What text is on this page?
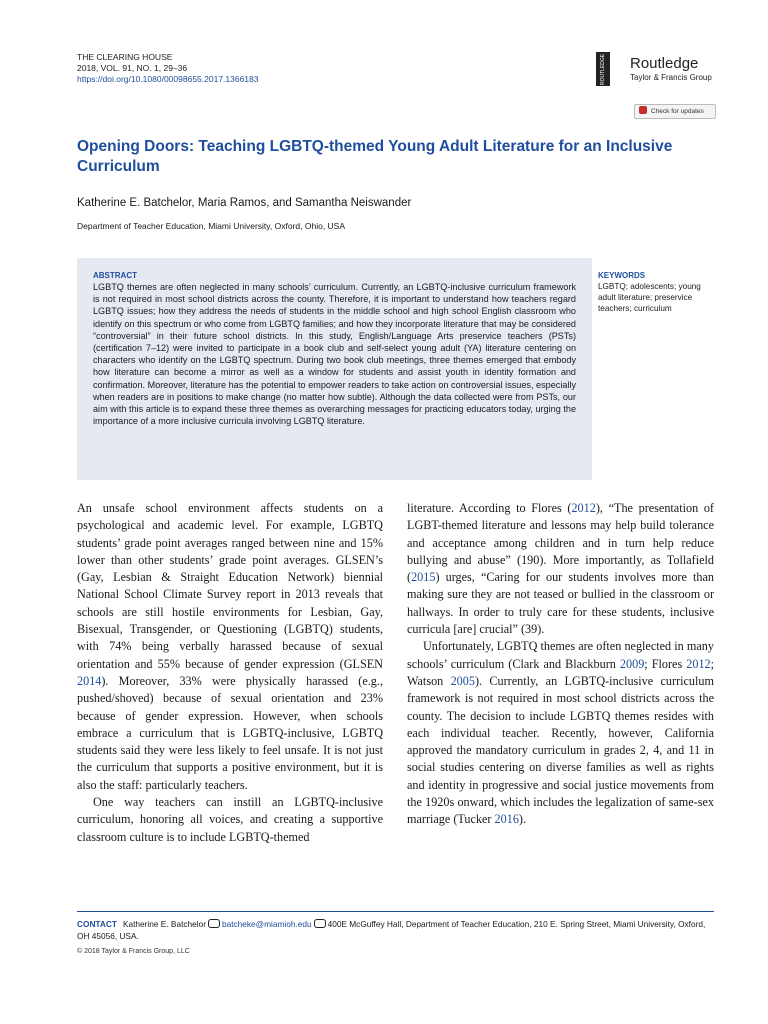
THE CLEARING HOUSE
2018, VOL. 91, NO. 1, 29–36
https://doi.org/10.1080/00098655.2017.1366183	ROUTLEDGE Routledge
Taylor & Francis Group
Check for updates
Opening Doors: Teaching LGBTQ-themed Young Adult Literature for an Inclusive Curriculum
Katherine E. Batchelor, Maria Ramos, and Samantha Neiswander
Department of Teacher Education, Miami University, Oxford, Ohio, USA
ABSTRACT

LGBTQ themes are often neglected in many schools’ curriculum. Currently, an LGBTQ-inclusive curriculum framework is not required in most school districts across the county. Therefore, it is important to understand how teachers regard LGBTQ issues; how they address the needs of students in the middle school and high school English classroom who identify on this spectrum or who come from LGBTQ families; and how they incorporate literature that may be considered “controversial” in their future school districts. In this study, English/Language Arts preservice teachers (PSTs) (certification 7–12) were invited to participate in a book club and self-select young adult (YA) literature centering on characters who identify on the LGBTQ spectrum. During two book club meetings, three themes emerged that embody how literature can become a mirror as well as a window for students and assist youth in identity formation and confirmation. Moreover, literature has the potential to empower readers to take action on controversial issues, especially when readers are in positions to make change (no matter how subtle). Although the data collected were from PSTs, our aim with this article is to expand these three themes as overarching messages for practicing educators today, urging the importance of a more inclusive curricula involving LGBTQ literature.

KEYWORDS

LGBTQ; adolescents; young adult literature; preservice teachers; curriculum

An unsafe school environment affects students on a psychological and academic level. For example, LGBTQ students’ grade point averages ranged between nine and 15% lower than other students’ grade point averages. GLSEN’s (Gay, Lesbian & Straight Education Network) biennial National School Climate Survey report in 2013 reveals that schools are still hostile environments for Lesbian, Gay, Bisexual, Transgender, or Questioning (LGBTQ) students, with 74% being verbally harassed because of sexual orientation and 55% because of gender expression (GLSEN 2014). Moreover, 33% were physically harassed (e.g., pushed/shoved) because of sexual orientation and 23% because of gender expression. However, when schools embrace a curriculum that is LGBTQ-inclusive, LGBTQ students said they were less likely to feel unsafe. It is not just the curriculum that supports a positive environment, but it is also the staff: particularly teachers.

One way teachers can instill an LGBTQ-inclusive curriculum, honoring all voices, and creating a supportive classroom culture is to include LGBTQ-themed

literature. According to Flores (2012), “The presentation of LGBT-themed literature and lessons may help build tolerance and acceptance among children and in turn help reduce bullying and abuse” (190). More importantly, as Tollafield (2015) urges, “Caring for our students involves more than making sure they are not teased or bullied in the classroom or hallways. In order to truly care for these students, inclusive curricula [are] crucial” (39).

Unfortunately, LGBTQ themes are often neglected in many schools’ curriculum (Clark and Blackburn 2009; Flores 2012; Watson 2005). Currently, an LGBTQ-inclusive curriculum framework is not required in most school districts across the county. The decision to include LGBTQ themes resides with each individual teacher. Recently, however, California approved the mandatory curriculum in grades 2, 4, and 11 in social studies centering on diverse families as well as rights and identity in progressive and social justice movements from the 1920s onward, which includes the legalization of same-sex marriage (Tucker 2016).

CONTACT Katherine E. Batchelor batcheke@miamioh.edu 400E McGuffey Hall, Department of Teacher Education, 210 E. Spring Street, Miami University, Oxford, OH 45056, USA.
© 2018 Taylor & Francis Group, LLC
